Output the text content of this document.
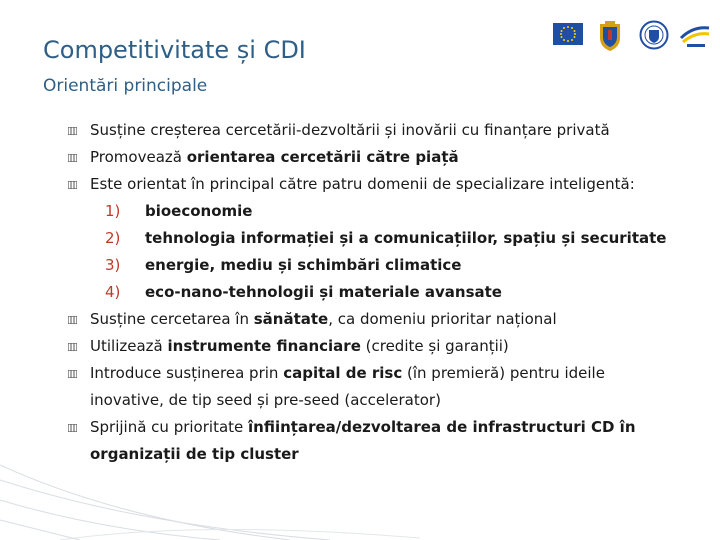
Competitivitate și CDI
Orientări principale
Susține creșterea cercetării-dezvoltării și inovării cu finanțare privată
Promovează orientarea cercetării către piață
Este orientat în principal către patru domenii de specializare inteligentă:
1) bioeconomie
2) tehnologia informației și a comunicațiilor, spațiu și securitate
3) energie, mediu și schimbări climatice
4) eco-nano-tehnologii și materiale avansate
Susține cercetarea în sănătate, ca domeniu prioritar național
Utilizează instrumente financiare (credite și garanții)
Introduce susținerea prin capital de risc (în premieră) pentru ideile
inovative, de tip seed și pre-seed (accelerator)
Sprijină cu prioritate înființarea/dezvoltarea de infrastructuri CD în
organizații de tip cluster
